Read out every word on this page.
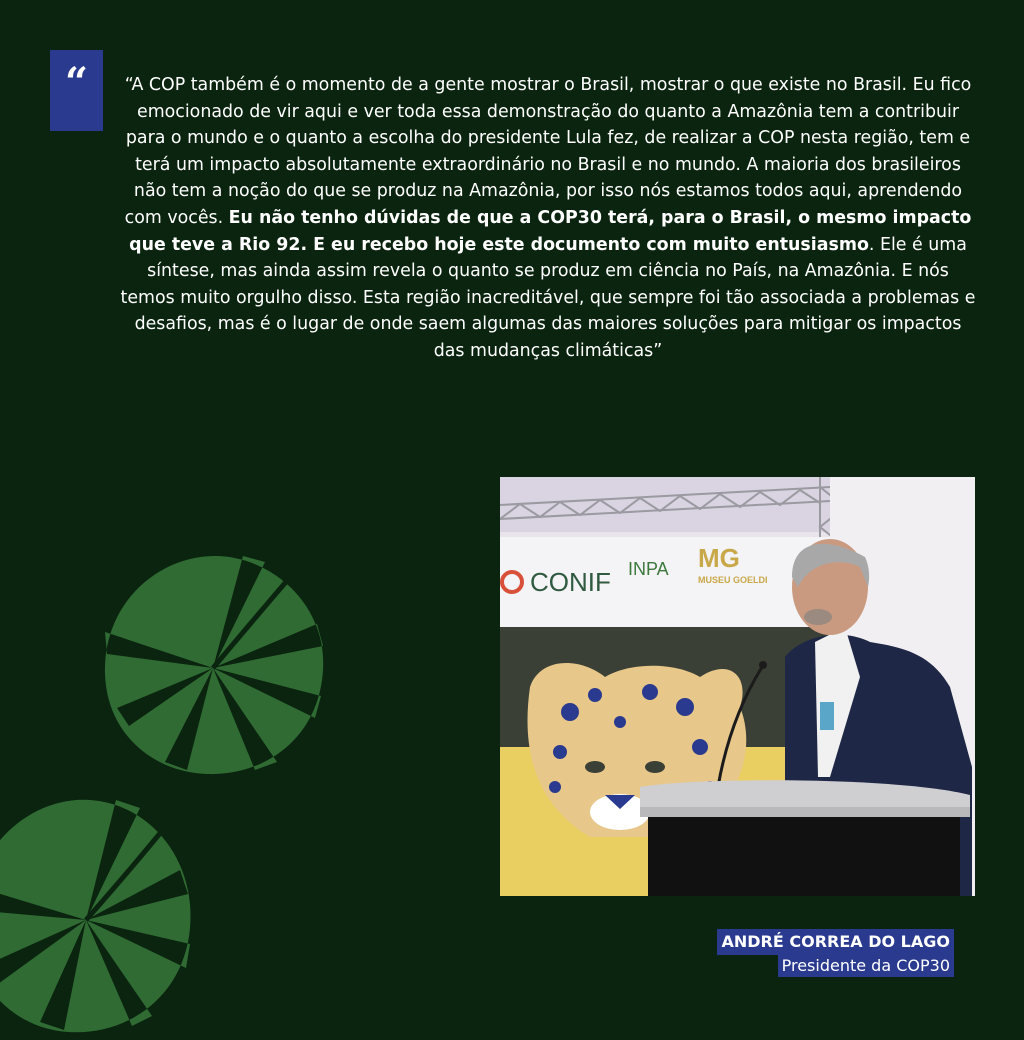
“	“A COP também é o momento de a gente mostrar o Brasil, mostrar o que existe no Brasil. Eu fico emocionado de vir aqui e ver toda essa demonstração do quanto a Amazônia tem a contribuir para o mundo e o quanto a escolha do presidente Lula fez, de realizar a COP nesta região, tem e terá um impacto absolutamente extraordinário no Brasil e no mundo. A maioria dos brasileiros não tem a noção do que se produz na Amazônia, por isso nós estamos todos aqui, aprendendo com vocês. Eu não tenho dúvidas de que a COP30 terá, para o Brasil, o mesmo impacto que teve a Rio 92. E eu recebo hoje este documento com muito entusiasmo. Ele é uma síntese, mas ainda assim revela o quanto se produz em ciência no País, na Amazônia. E nós temos muito orgulho disso. Esta região inacreditável, que sempre foi tão associada a problemas e desafios, mas é o lugar de onde saem algumas das maiores soluções para mitigar os impactos das mudanças climáticas”

CONIF INPA MG
MUSEU GOELDI
ANDRÉ CORREA DO LAGO
Presidente da COP30
